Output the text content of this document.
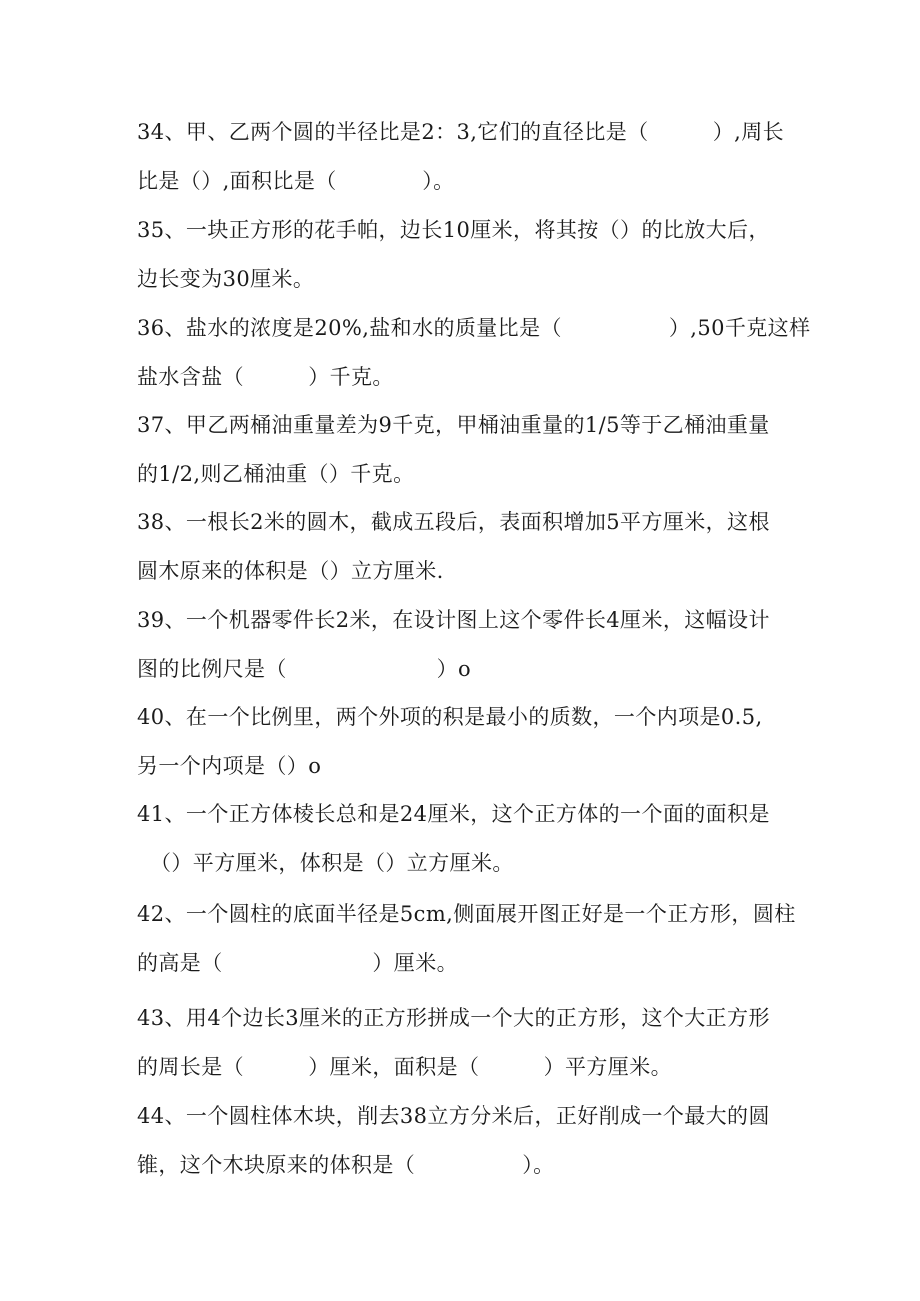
34、甲、乙两个圆的半径比是2：3,它们的直径比是（　　　）,周长
比是（）,面积比是（　　　　）。
35、一块正方形的花手帕，边长10厘米，将其按（）的比放大后，
边长变为30厘米。
36、盐水的浓度是20%,盐和水的质量比是（　　　　　）,50千克这样
盐水含盐（　　　）千克。
37、甲乙两桶油重量差为9千克，甲桶油重量的1/5等于乙桶油重量
的1/2,则乙桶油重（）千克。
38、一根长2米的圆木，截成五段后，表面积增加5平方厘米，这根
圆木原来的体积是（）立方厘米.
39、一个机器零件长2米，在设计图上这个零件长4厘米，这幅设计
图的比例尺是（　　　　　　　）o
40、在一个比例里，两个外项的积是最小的质数，一个内项是0.5,
另一个内项是（）o
41、一个正方体棱长总和是24厘米，这个正方体的一个面的面积是
（）平方厘米，体积是（）立方厘米。
42、一个圆柱的底面半径是5cm,侧面展开图正好是一个正方形，圆柱
的高是（　　　　　　　）厘米。
43、用4个边长3厘米的正方形拼成一个大的正方形，这个大正方形
的周长是（　　　）厘米，面积是（　　　）平方厘米。
44、一个圆柱体木块，削去38立方分米后，正好削成一个最大的圆
锥，这个木块原来的体积是（　　　　　）。
